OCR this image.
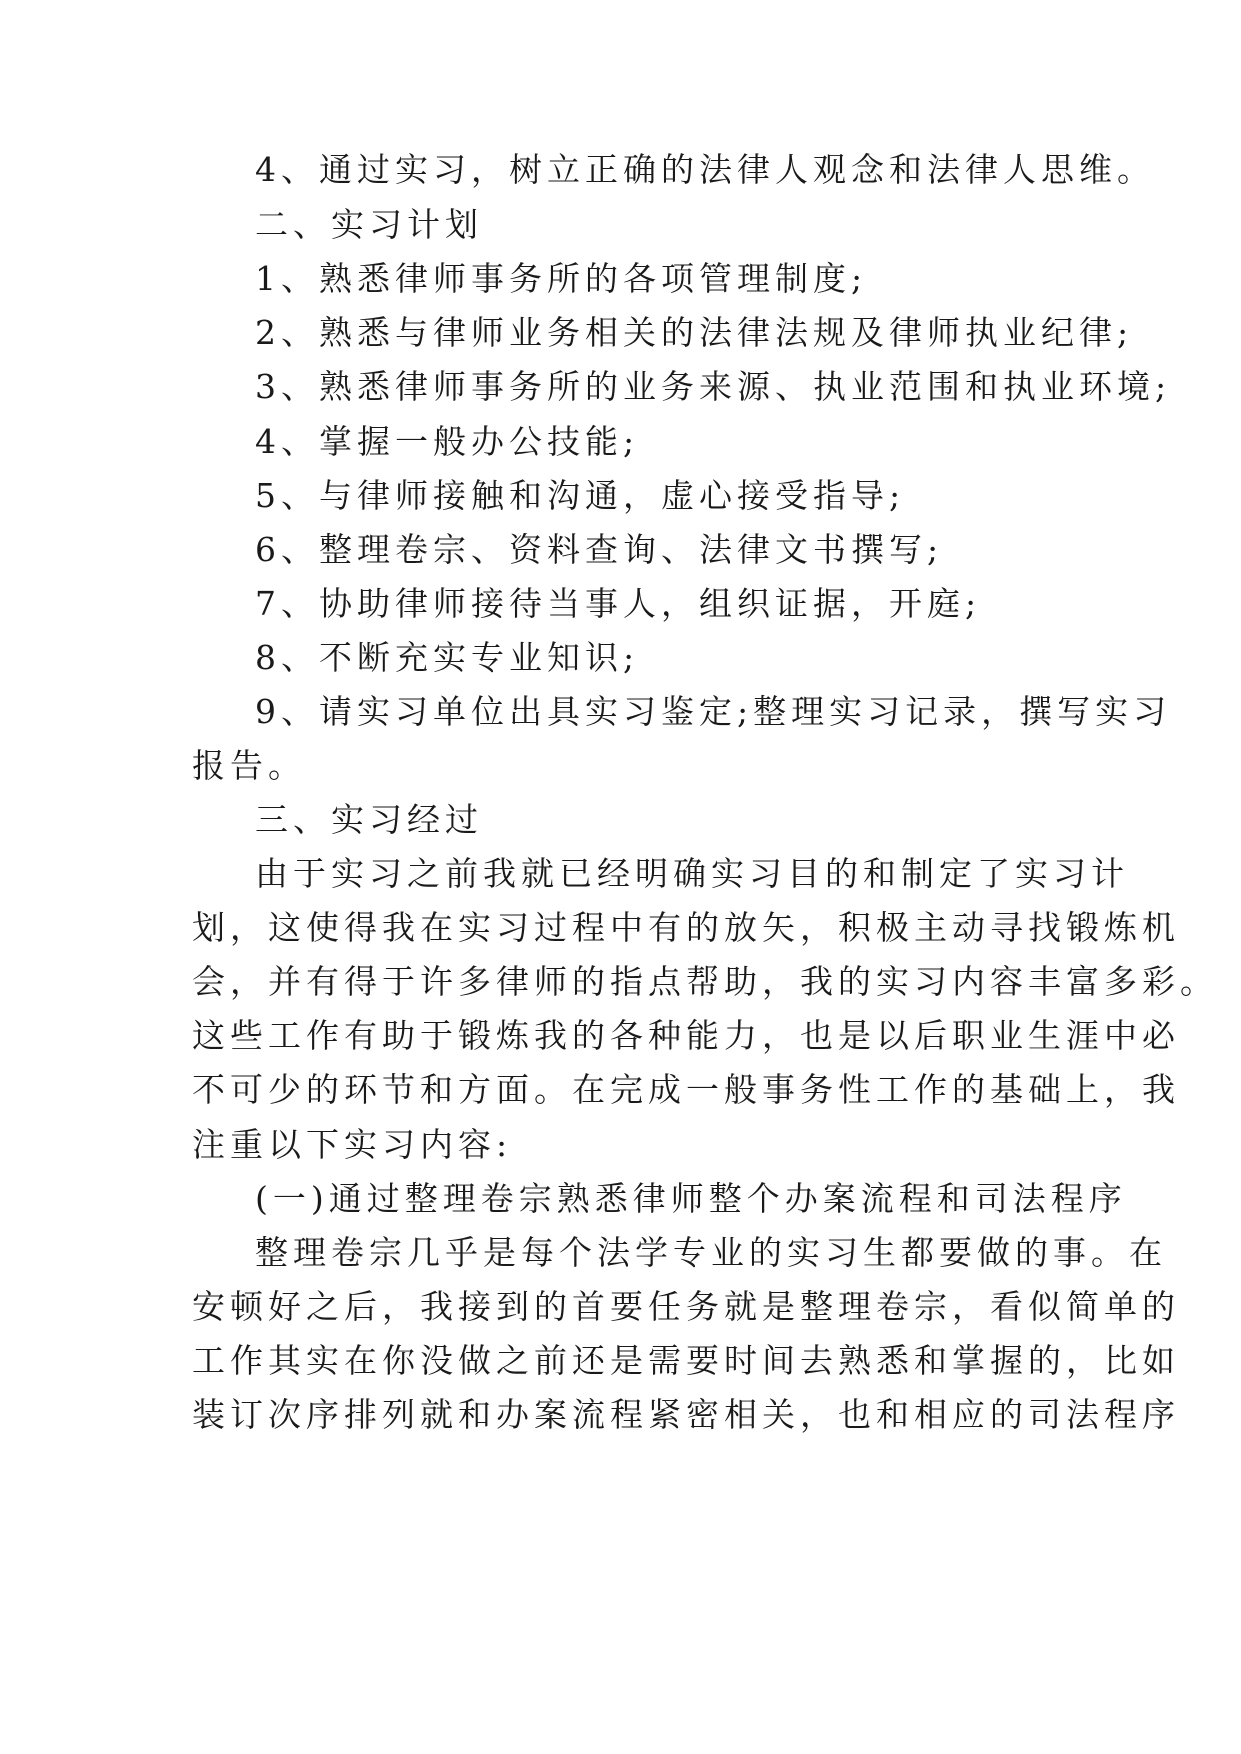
4、通过实习，树立正确的法律人观念和法律人思维。
二、实习计划
1、熟悉律师事务所的各项管理制度;
2、熟悉与律师业务相关的法律法规及律师执业纪律;
3、熟悉律师事务所的业务来源、执业范围和执业环境;
4、掌握一般办公技能;
5、与律师接触和沟通，虚心接受指导;
6、整理卷宗、资料查询、法律文书撰写;
7、协助律师接待当事人，组织证据，开庭;
8、不断充实专业知识;
9、请实习单位出具实习鉴定;整理实习记录，撰写实习
报告。
三、实习经过
由于实习之前我就已经明确实习目的和制定了实习计
划，这使得我在实习过程中有的放矢，积极主动寻找锻炼机
会，并有得于许多律师的指点帮助，我的实习内容丰富多彩。
这些工作有助于锻炼我的各种能力，也是以后职业生涯中必
不可少的环节和方面。在完成一般事务性工作的基础上，我
注重以下实习内容:
(一)通过整理卷宗熟悉律师整个办案流程和司法程序
整理卷宗几乎是每个法学专业的实习生都要做的事。在
安顿好之后，我接到的首要任务就是整理卷宗，看似简单的
工作其实在你没做之前还是需要时间去熟悉和掌握的，比如
装订次序排列就和办案流程紧密相关，也和相应的司法程序
